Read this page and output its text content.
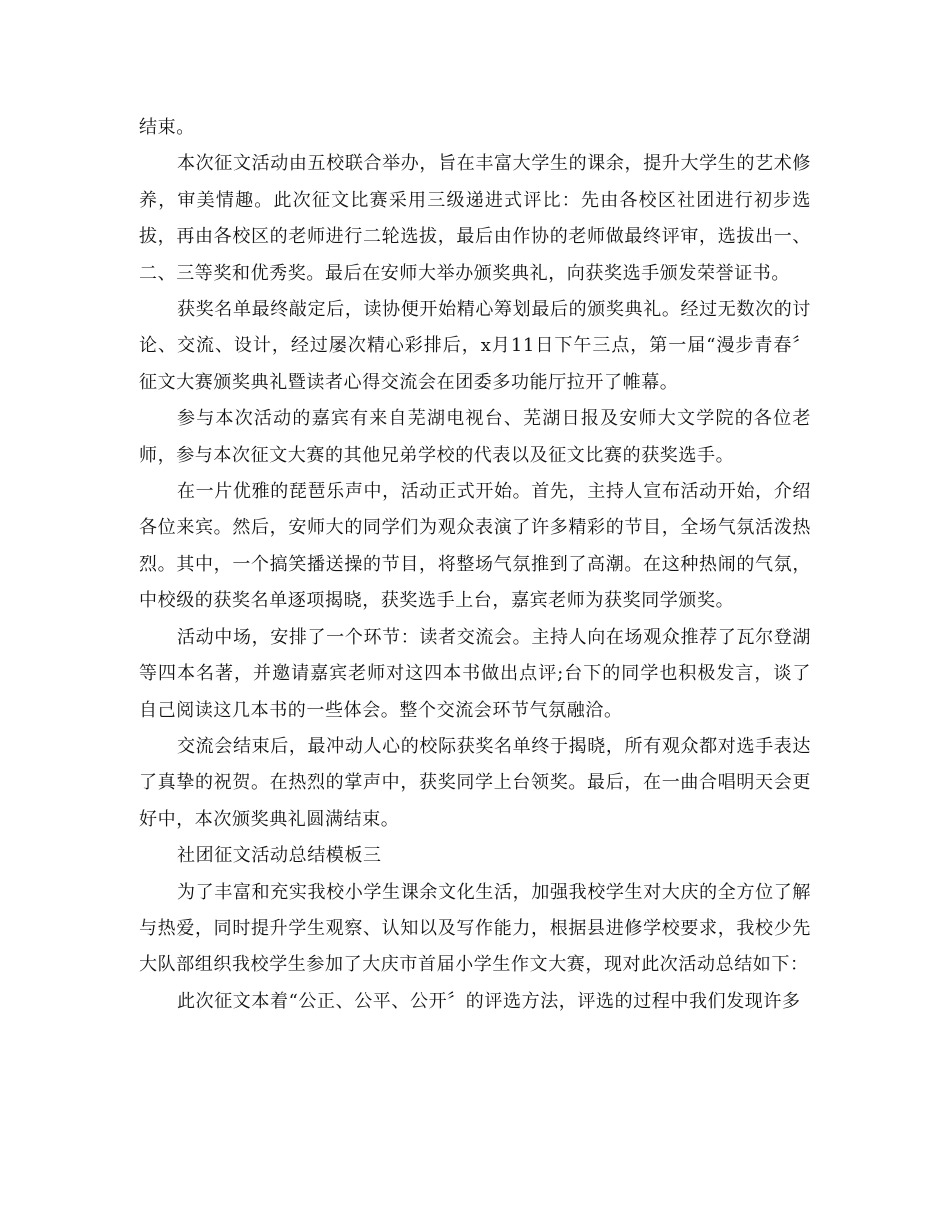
结束。

本次征文活动由五校联合举办，旨在丰富大学生的课余，提升大学生的艺术修养，审美情趣。此次征文比赛采用三级递进式评比：先由各校区社团进行初步选拔，再由各校区的老师进行二轮选拔，最后由作协的老师做最终评审，选拔出一、二、三等奖和优秀奖。最后在安师大举办颁奖典礼，向获奖选手颁发荣誉证书。

获奖名单最终敲定后，读协便开始精心筹划最后的颁奖典礼。经过无数次的讨论、交流、设计，经过屡次精心彩排后，x月11日下午三点，第一届“漫步青春〞征文大赛颁奖典礼暨读者心得交流会在团委多功能厅拉开了帷幕。

参与本次活动的嘉宾有来自芜湖电视台、芜湖日报及安师大文学院的各位老师，参与本次征文大赛的其他兄弟学校的代表以及征文比赛的获奖选手。

在一片优雅的琵琶乐声中，活动正式开始。首先，主持人宣布活动开始，介绍各位来宾。然后，安师大的同学们为观众表演了许多精彩的节目，全场气氛活泼热烈。其中，一个搞笑播送操的节目，将整场气氛推到了高潮。在这种热闹的气氛，中校级的获奖名单逐项揭晓，获奖选手上台，嘉宾老师为获奖同学颁奖。

活动中场，安排了一个环节：读者交流会。主持人向在场观众推荐了瓦尔登湖等四本名著，并邀请嘉宾老师对这四本书做出点评;台下的同学也积极发言，谈了自己阅读这几本书的一些体会。整个交流会环节气氛融洽。

交流会结束后，最冲动人心的校际获奖名单终于揭晓，所有观众都对选手表达了真挚的祝贺。在热烈的掌声中，获奖同学上台领奖。最后，在一曲合唱明天会更好中，本次颁奖典礼圆满结束。

社团征文活动总结模板三

为了丰富和充实我校小学生课余文化生活，加强我校学生对大庆的全方位了解与热爱，同时提升学生观察、认知以及写作能力，根据县进修学校要求，我校少先大队部组织我校学生参加了大庆市首届小学生作文大赛，现对此次活动总结如下：

此次征文本着“公正、公平、公开〞的评选方法，评选的过程中我们发现许多
